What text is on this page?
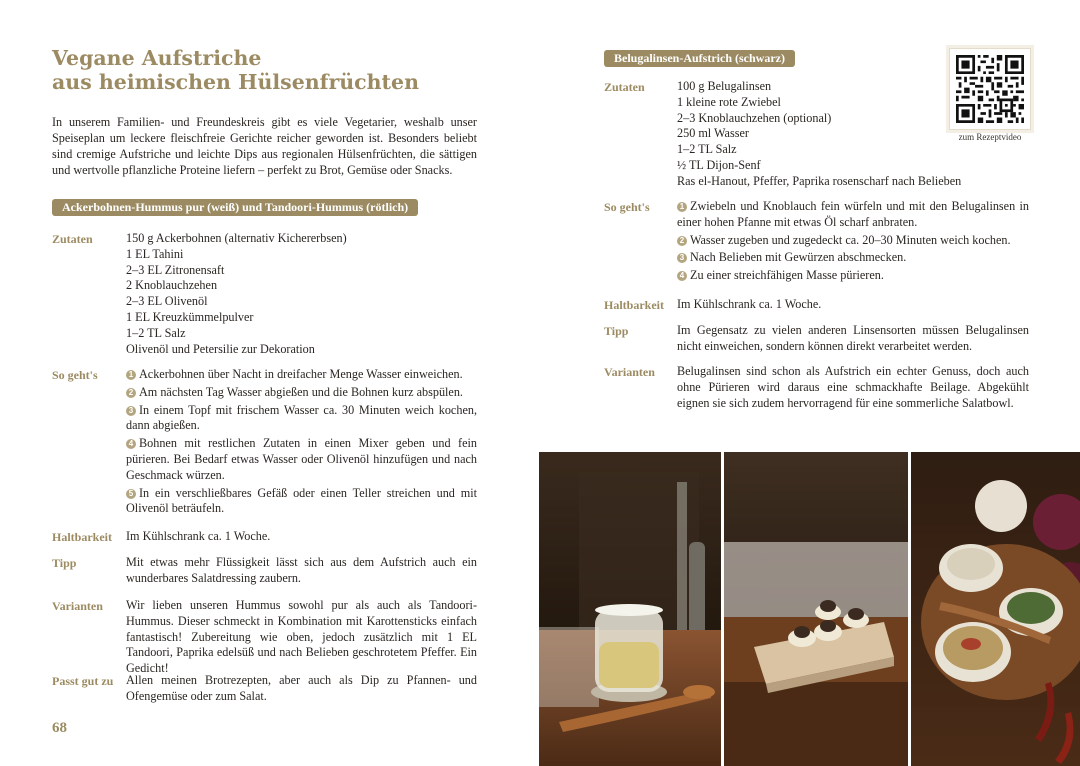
Vegane Aufstriche
aus heimischen Hülsenfrüchten

In unserem Familien- und Freundeskreis gibt es viele Vegetarier, weshalb unser Speiseplan um leckere fleischfreie Gerichte reicher geworden ist. Besonders beliebt sind cremige Aufstriche und leichte Dips aus regionalen Hülsenfrüchten, die sättigen und wertvolle pflanzliche Proteine liefern – perfekt zu Brot, Gemüse oder Snacks.

Ackerbohnen-Hummus pur (weiß) und Tandoori-Hummus (rötlich)
Zutaten	150 g Ackerbohnen (alternativ Kichererbsen)
1 EL Tahini
2–3 EL Zitronensaft
2 Knoblauchzehen
2–3 EL Olivenöl
1 EL Kreuzkümmelpulver
1–2 TL Salz
Olivenöl und Petersilie zur Dekoration
So geht's	1 Ackerbohnen über Nacht in dreifacher Menge Wasser einweichen.
2 Am nächsten Tag Wasser abgießen und die Bohnen kurz abspülen.
3 In einem Topf mit frischem Wasser ca. 30 Minuten weich kochen, dann abgießen.
4 Bohnen mit restlichen Zutaten in einen Mixer geben und fein pürieren. Bei Bedarf etwas Wasser oder Olivenöl hinzufügen und nach Geschmack würzen.
5 In ein verschließbares Gefäß oder einen Teller streichen und mit Olivenöl beträufeln.
Haltbarkeit Im Kühlschrank ca. 1 Woche.
Tipp	Mit etwas mehr Flüssigkeit lässt sich aus dem Aufstrich auch ein wunderbares Salatdressing zaubern.
Varianten Wir lieben unseren Hummus sowohl pur als auch als Tandoori-Hummus. Dieser schmeckt in Kombination mit Karottensticks einfach fantastisch! Zubereitung wie oben, jedoch zusätzlich mit 1 EL Tandoori, Paprika edelsüß und nach Belieben geschrotetem Pfeffer. Ein Gedicht!
Passt gut zu Allen meinen Brotrezepten, aber auch als Dip zu Pfannen- und Ofengemüse oder zum Salat.
68
Belugalinsen-Aufstrich (schwarz)
zum Rezeptvideo
Zutaten	100 g Belugalinsen
1 kleine rote Zwiebel
2–3 Knoblauchzehen (optional)
250 ml Wasser
1–2 TL Salz
½ TL Dijon-Senf
Ras el-Hanout, Pfeffer, Paprika rosenscharf nach Belieben
So geht's	1 Zwiebeln und Knoblauch fein würfeln und mit den Belugalinsen in einer hohen Pfanne mit etwas Öl scharf anbraten.
2 Wasser zugeben und zugedeckt ca. 20–30 Minuten weich kochen.
3 Nach Belieben mit Gewürzen abschmecken.
4 Zu einer streichfähigen Masse pürieren.
Haltbarkeit Im Kühlschrank ca. 1 Woche.
Tipp	Im Gegensatz zu vielen anderen Linsensorten müssen Belugalinsen nicht einweichen, sondern können direkt verarbeitet werden.
Varianten Belugalinsen sind schon als Aufstrich ein echter Genuss, doch auch ohne Pürieren wird daraus eine schmackhafte Beilage. Abgekühlt eignen sie sich zudem hervorragend für eine sommerliche Salatbowl.
